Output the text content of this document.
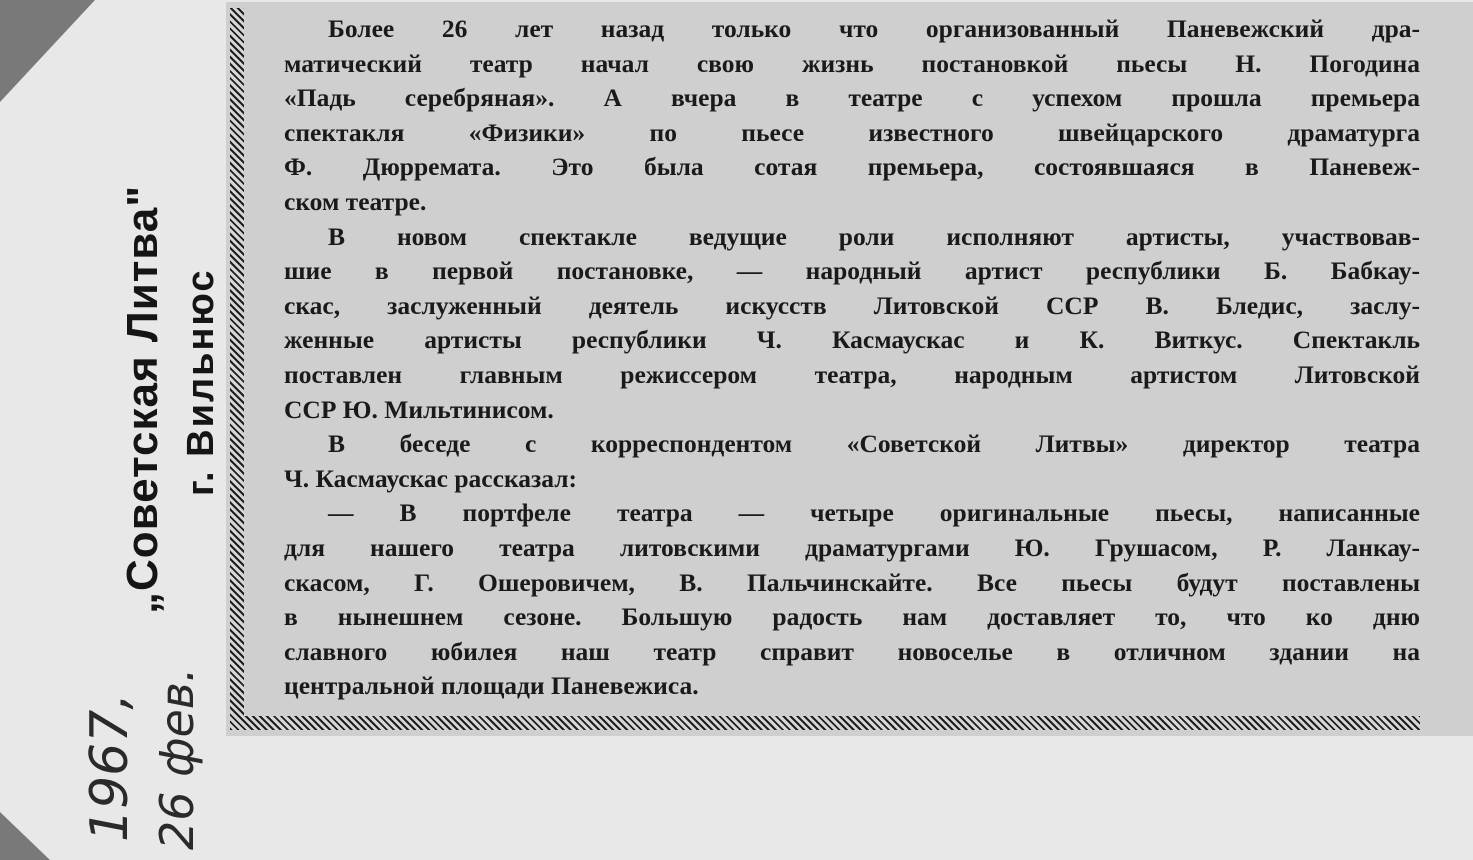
„Советская Литва" г. Вильнюс
1967, 26 фев.
Более 26 лет назад только что организованный Паневежский дра-
матический театр начал свою жизнь постановкой пьесы Н. Погодина
«Падь серебряная». А вчера в театре с успехом прошла премьера
спектакля «Физики» по пьесе известного швейцарского драматурга
Ф. Дюрремата. Это была сотая премьера, состоявшаяся в Паневеж-
ском театре.
В новом спектакле ведущие роли исполняют артисты, участвовав-
шие в первой постановке, — народный артист республики Б. Бабкау-
скас, заслуженный деятель искусств Литовской ССР В. Бледис, заслу-
женные артисты республики Ч. Касмаускас и К. Виткус. Спектакль
поставлен главным режиссером театра, народным артистом Литовской
ССР Ю. Мильтинисом.
В беседе с корреспондентом «Советской Литвы» директор театра
Ч. Касмаускас рассказал:
— В портфеле театра — четыре оригинальные пьесы, написанные
для нашего театра литовскими драматургами Ю. Грушасом, Р. Ланкау-
скасом, Г. Ошеровичем, В. Пальчинскайте. Все пьесы будут поставлены
в нынешнем сезоне. Большую радость нам доставляет то, что ко дню
славного юбилея наш театр справит новоселье в отличном здании на
центральной площади Паневежиса.
